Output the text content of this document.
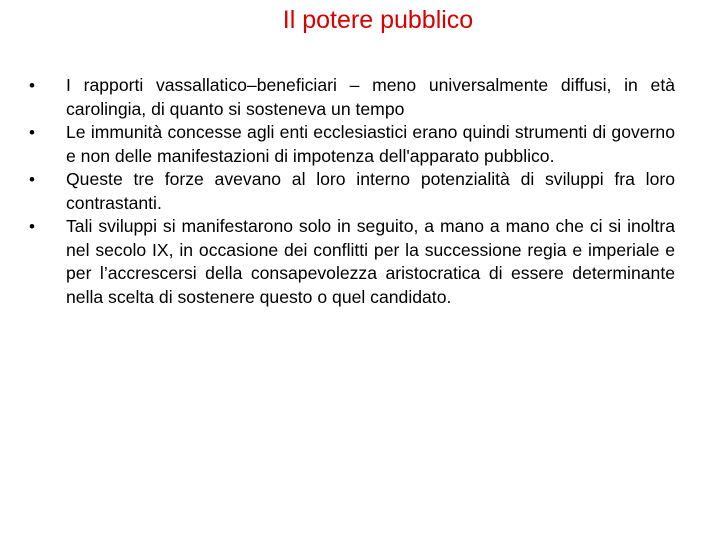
Il potere pubblico
•	I rapporti vassallatico–beneficiari – meno universalmente diffusi, in età carolingia, di quanto si sosteneva un tempo
•	Le immunità concesse agli enti ecclesiastici erano quindi strumenti di governo e non delle manifestazioni di impotenza dell'apparato pubblico.
•	Queste tre forze avevano al loro interno potenzialità di sviluppi fra loro contrastanti.
•	Tali sviluppi si manifestarono solo in seguito, a mano a mano che ci si inoltra nel secolo IX, in occasione dei conflitti per la successione regia e imperiale e per l’accrescersi della consapevolezza aristocratica di essere determinante nella scelta di sostenere questo o quel candidato.
